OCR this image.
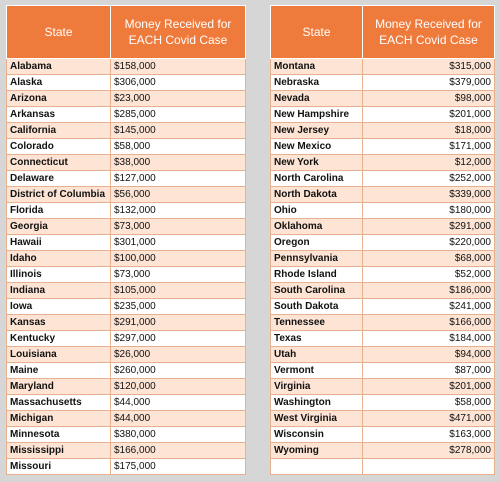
State	Money Received for EACH Covid Case
Alabama	$158,000
Alaska	$306,000
Arizona	$23,000
Arkansas	$285,000
California	$145,000
Colorado	$58,000
Connecticut	$38,000
Delaware	$127,000
District of Columbia	$56,000
Florida	$132,000
Georgia	$73,000
Hawaii	$301,000
Idaho	$100,000
Illinois	$73,000
Indiana	$105,000
Iowa	$235,000
Kansas	$291,000
Kentucky	$297,000
Louisiana	$26,000
Maine	$260,000
Maryland	$120,000
Massachusetts	$44,000
Michigan	$44,000
Minnesota	$380,000
Mississippi	$166,000
Missouri	$175,000
State	Money Received for EACH Covid Case
Montana	$315,000
Nebraska	$379,000
Nevada	$98,000
New Hampshire	$201,000
New Jersey	$18,000
New Mexico	$171,000
New York	$12,000
North Carolina	$252,000
North Dakota	$339,000
Ohio	$180,000
Oklahoma	$291,000
Oregon	$220,000
Pennsylvania	$68,000
Rhode Island	$52,000
South Carolina	$186,000
South Dakota	$241,000
Tennessee	$166,000
Texas	$184,000
Utah	$94,000
Vermont	$87,000
Virginia	$201,000
Washington	$58,000
West Virginia	$471,000
Wisconsin	$163,000
Wyoming	$278,000
